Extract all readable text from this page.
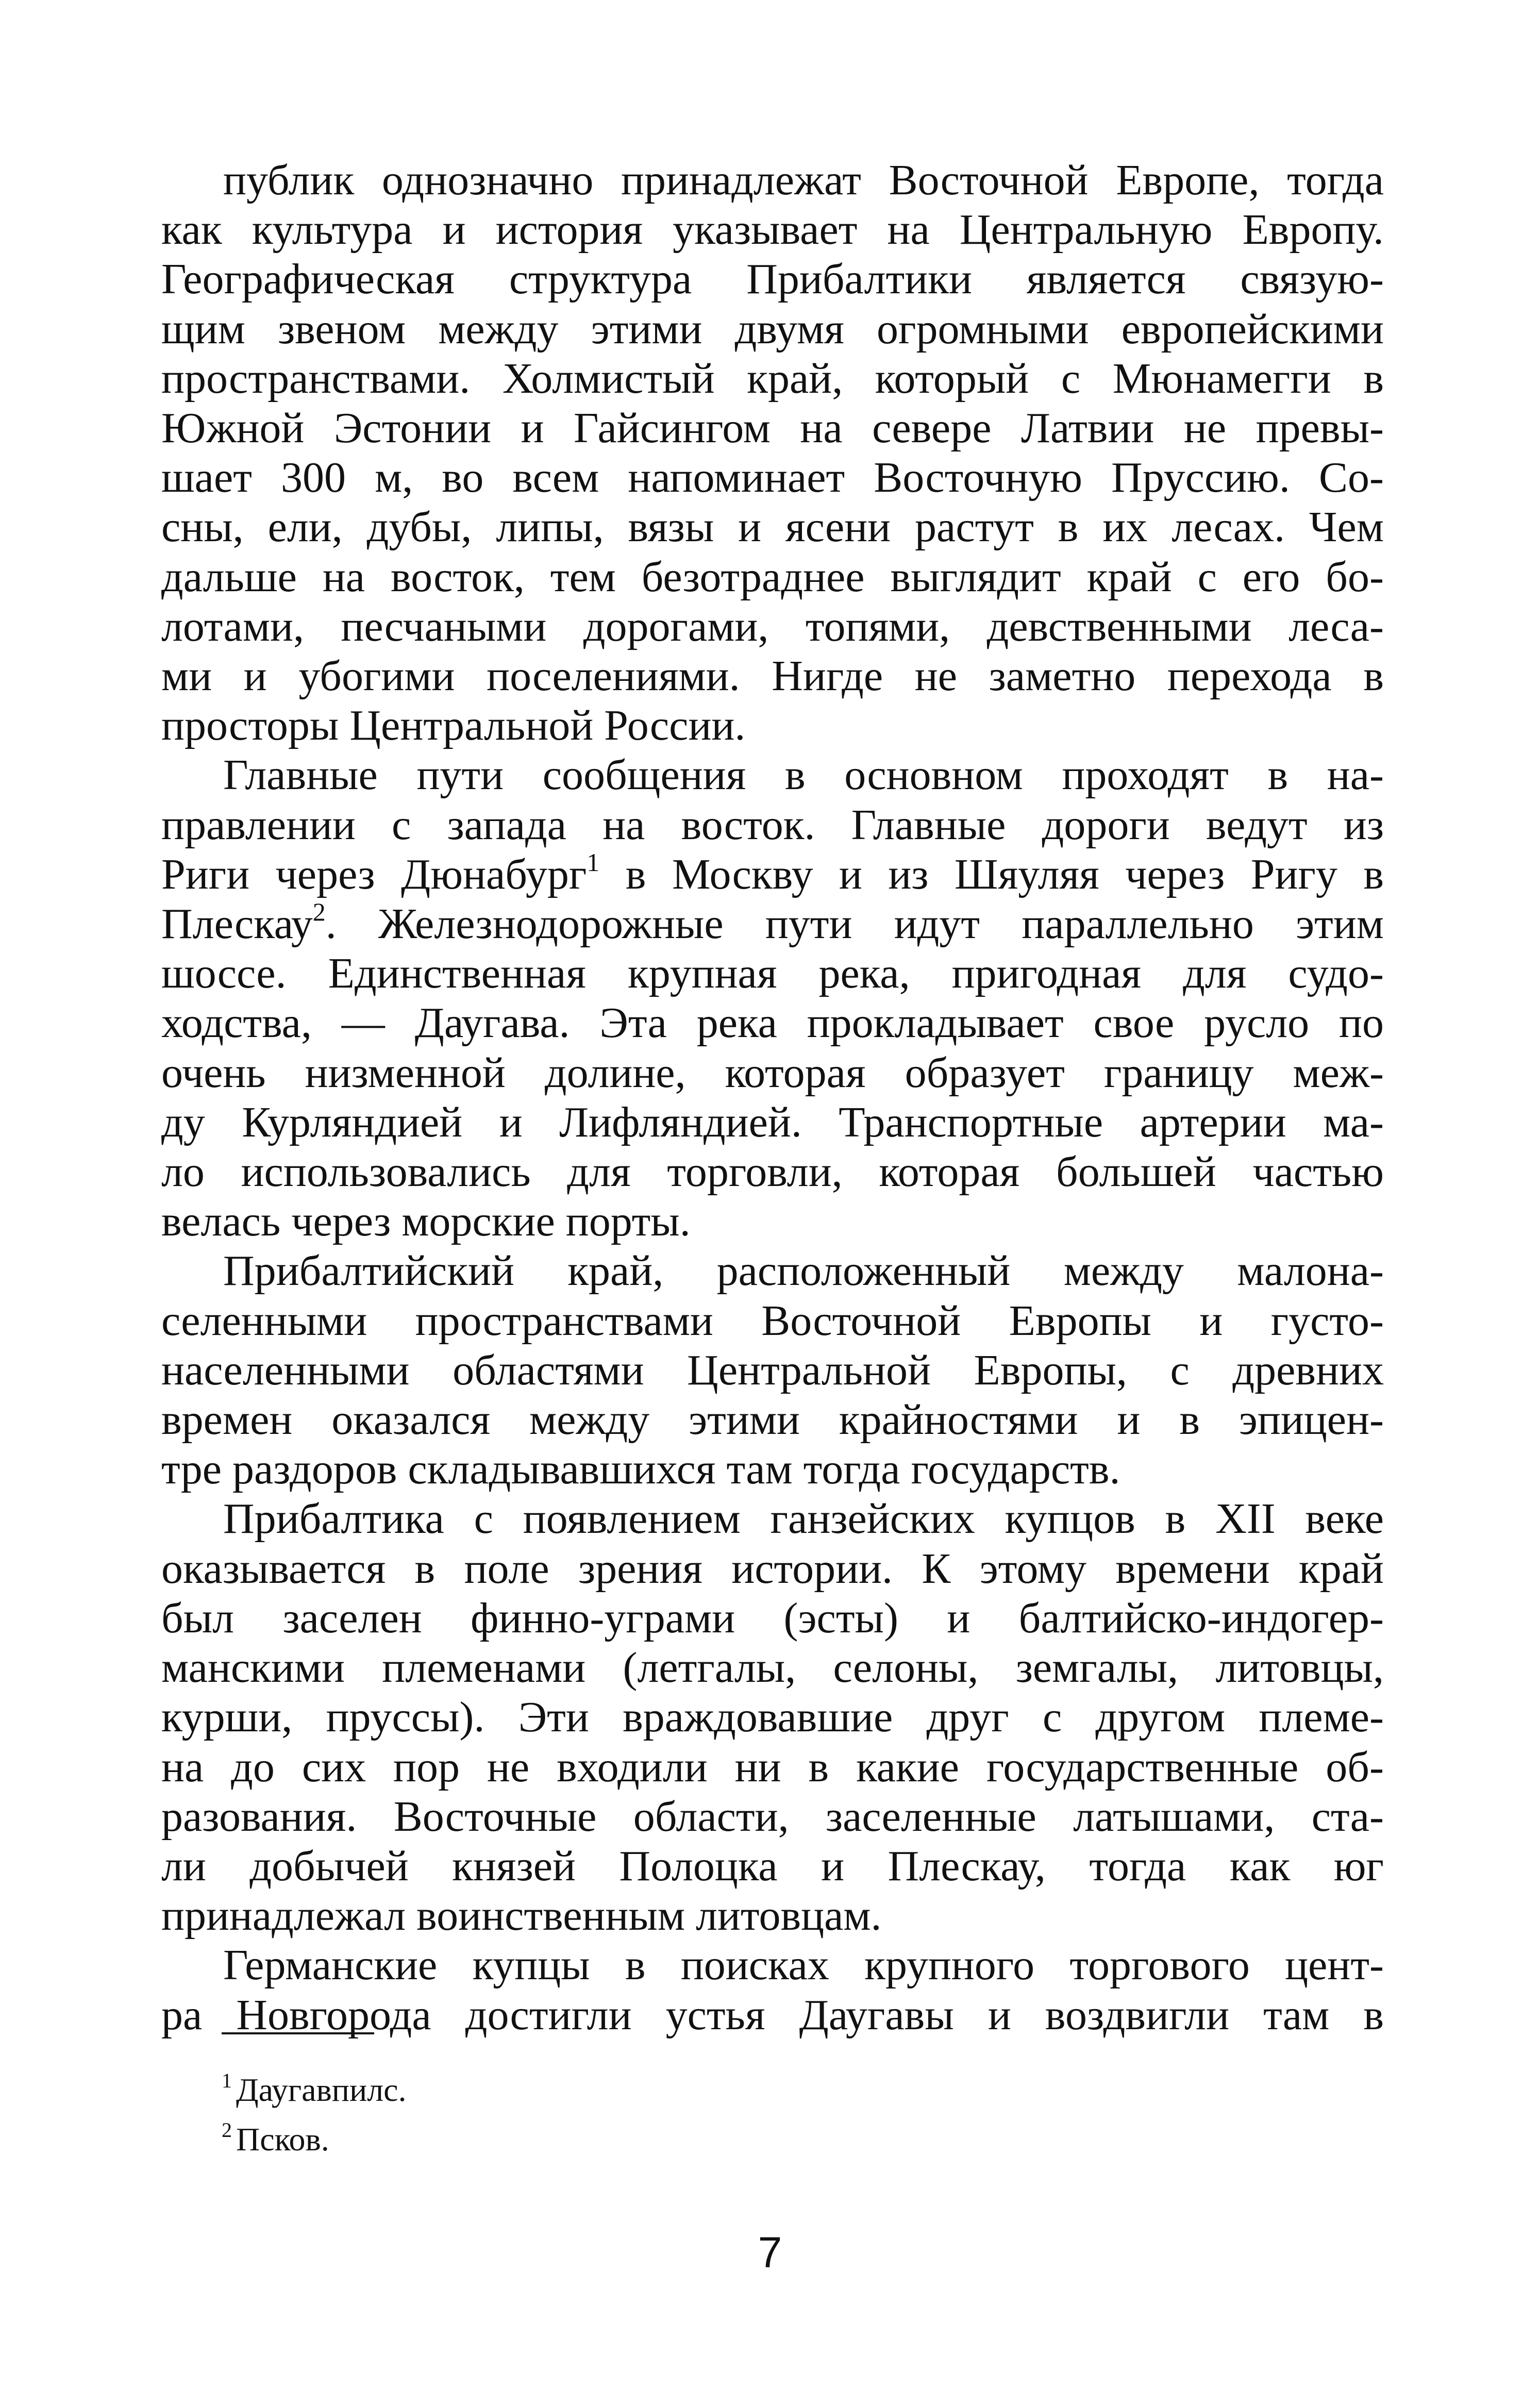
публик однозначно принадлежат Восточной Европе, тогда
как культура и история указывает на Центральную Европу.
Географическая структура Прибалтики является связую-
щим звеном между этими двумя огромными европейскими
пространствами. Холмистый край, который с Мюнамегги в
Южной Эстонии и Гайсингом на севере Латвии не превы-
шает 300 м, во всем напоминает Восточную Пруссию. Со-
сны, ели, дубы, липы, вязы и ясени растут в их лесах. Чем
дальше на восток, тем безотраднее выглядит край с его бо-
лотами, песчаными дорогами, топями, девственными леса-
ми и убогими поселениями. Нигде не заметно перехода в
просторы Центральной России.

Главные пути сообщения в основном проходят в на-
правлении с запада на восток. Главные дороги ведут из
Риги через Дюнабург$^1$ в Москву и из Шяуляя через Ригу в
Плескау$^2$. Железнодорожные пути идут параллельно этим
шоссе. Единственная крупная река, пригодная для судо-
ходства, — Даугава. Эта река прокладывает свое русло по
очень низменной долине, которая образует границу меж-
ду Курляндией и Лифляндией. Транспортные артерии ма-
ло использовались для торговли, которая большей частью
велась через морские порты.

Прибалтийский край, расположенный между малона-
селенными пространствами Восточной Европы и густо-
населенными областями Центральной Европы, с древних
времен оказался между этими крайностями и в эпицен-
тре раздоров складывавшихся там тогда государств.

Прибалтика с появлением ганзейских купцов в XII веке
оказывается в поле зрения истории. К этому времени край
был заселен финно-уграми (эсты) и балтийско-индогер-
манскими племенами (летгалы, селоны, земгалы, литовцы,
курши, пруссы). Эти враждовавшие друг с другом племе-
на до сих пор не входили ни в какие государственные об-
разования. Восточные области, заселенные латышами, ста-
ли добычей князей Полоцка и Плескау, тогда как юг
принадлежал воинственным литовцам.

Германские купцы в поисках крупного торгового цент-
ра Новгорода достигли устья Даугавы и воздвигли там в

$^1$ Даугавпилс.
$^2$ Псков.
7
